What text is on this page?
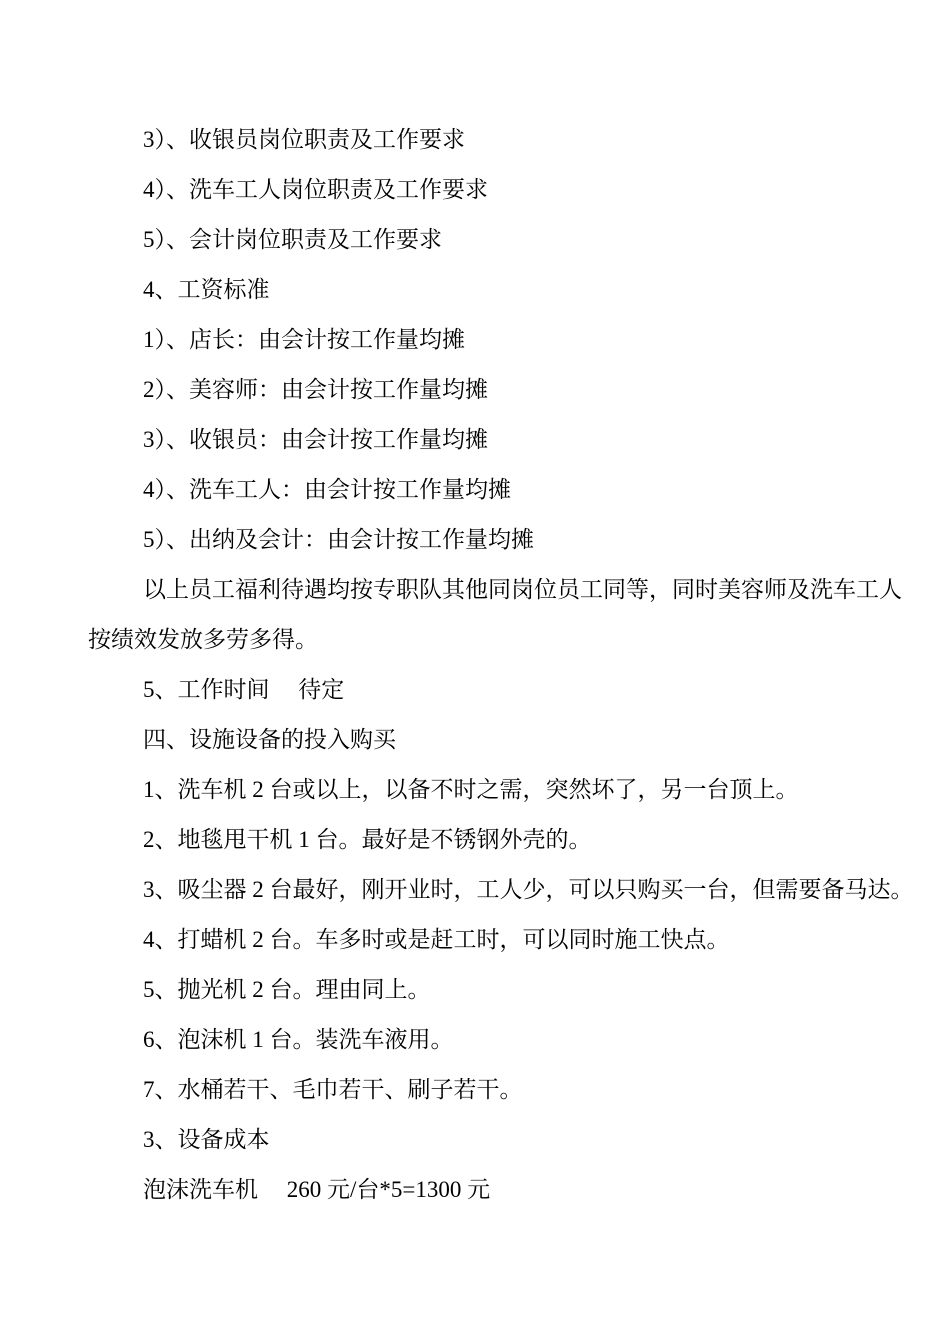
3）、收银员岗位职责及工作要求

4）、洗车工人岗位职责及工作要求

5）、会计岗位职责及工作要求

4、工资标准

1）、店长：由会计按工作量均摊

2）、美容师：由会计按工作量均摊

3）、收银员：由会计按工作量均摊

4）、洗车工人：由会计按工作量均摊

5）、出纳及会计：由会计按工作量均摊

以上员工福利待遇均按专职队其他同岗位员工同等，同时美容师及洗车工人

按绩效发放多劳多得。

5、工作时间　 待定

四、设施设备的投入购买

1、洗车机 2 台或以上，以备不时之需，突然坏了，另一台顶上。

2、地毯甩干机 1 台。最好是不锈钢外壳的。

3、吸尘器 2 台最好，刚开业时，工人少，可以只购买一台，但需要备马达。

4、打蜡机 2 台。车多时或是赶工时，可以同时施工快点。

5、抛光机 2 台。理由同上。

6、泡沫机 1 台。装洗车液用。

7、水桶若干、毛巾若干、刷子若干。

3、设备成本

泡沫洗车机　 260 元/台*5=1300 元
